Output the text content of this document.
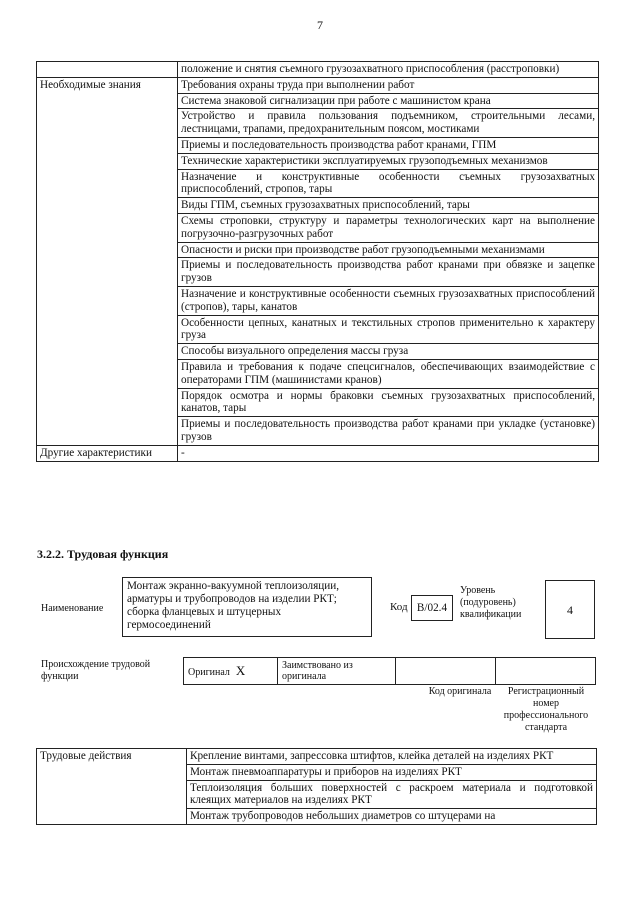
7
	положение и снятия съемного грузозахватного приспособления (расстроповки)
Необходимые знания	Требования охраны труда при выполнении работ
	Система знаковой сигнализации при работе с машинистом крана
	Устройство и правила пользования подъемником, строительными лесами, лестницами, трапами, предохранительным поясом, мостиками
	Приемы и последовательность производства работ кранами, ГПМ
	Технические характеристики эксплуатируемых грузоподъемных механизмов
	Назначение и конструктивные особенности съемных грузозахватных приспособлений, стропов, тары
	Виды ГПМ, съемных грузозахватных приспособлений, тары
	Схемы строповки, структуру и параметры технологических карт на выполнение погрузочно-разгрузочных работ
	Опасности и риски при производстве работ грузоподъемными механизмами
	Приемы и последовательность производства работ кранами при обвязке и зацепке грузов
	Назначение и конструктивные особенности съемных грузозахватных приспособлений (стропов), тары, канатов
	Особенности цепных, канатных и текстильных стропов применительно к характеру груза
	Способы визуального определения массы груза
	Правила и требования к подаче спецсигналов, обеспечивающих взаимодействие с операторами ГПМ (машинистами кранов)
	Порядок осмотра и нормы браковки съемных грузозахватных приспособлений, канатов, тары
	Приемы и последовательность производства работ кранами при укладке (установке) грузов
Другие характеристики	-
3.2.2. Трудовая функция
Наименование
Монтаж экранно-вакуумной теплоизоляции, арматуры и трубопроводов на изделии РКТ; сборка фланцевых и штуцерных гермосоединений
Код B/02.4
Уровень (подуровень) квалификации	4
Происхождение трудовой функции	Оригинал X	Заимствовано из оригинала		
Код оригинала	Регистрационный номер профессионального стандарта
Трудовые действия	Крепление винтами, запрессовка штифтов, клейка деталей на изделиях РКТ
Монтаж пневмоаппаратуры и приборов на изделиях РКТ
Теплоизоляция больших поверхностей с раскроем материала и подготовкой клеящих материалов на изделиях РКТ
Монтаж трубопроводов небольших диаметров со штуцерами на
